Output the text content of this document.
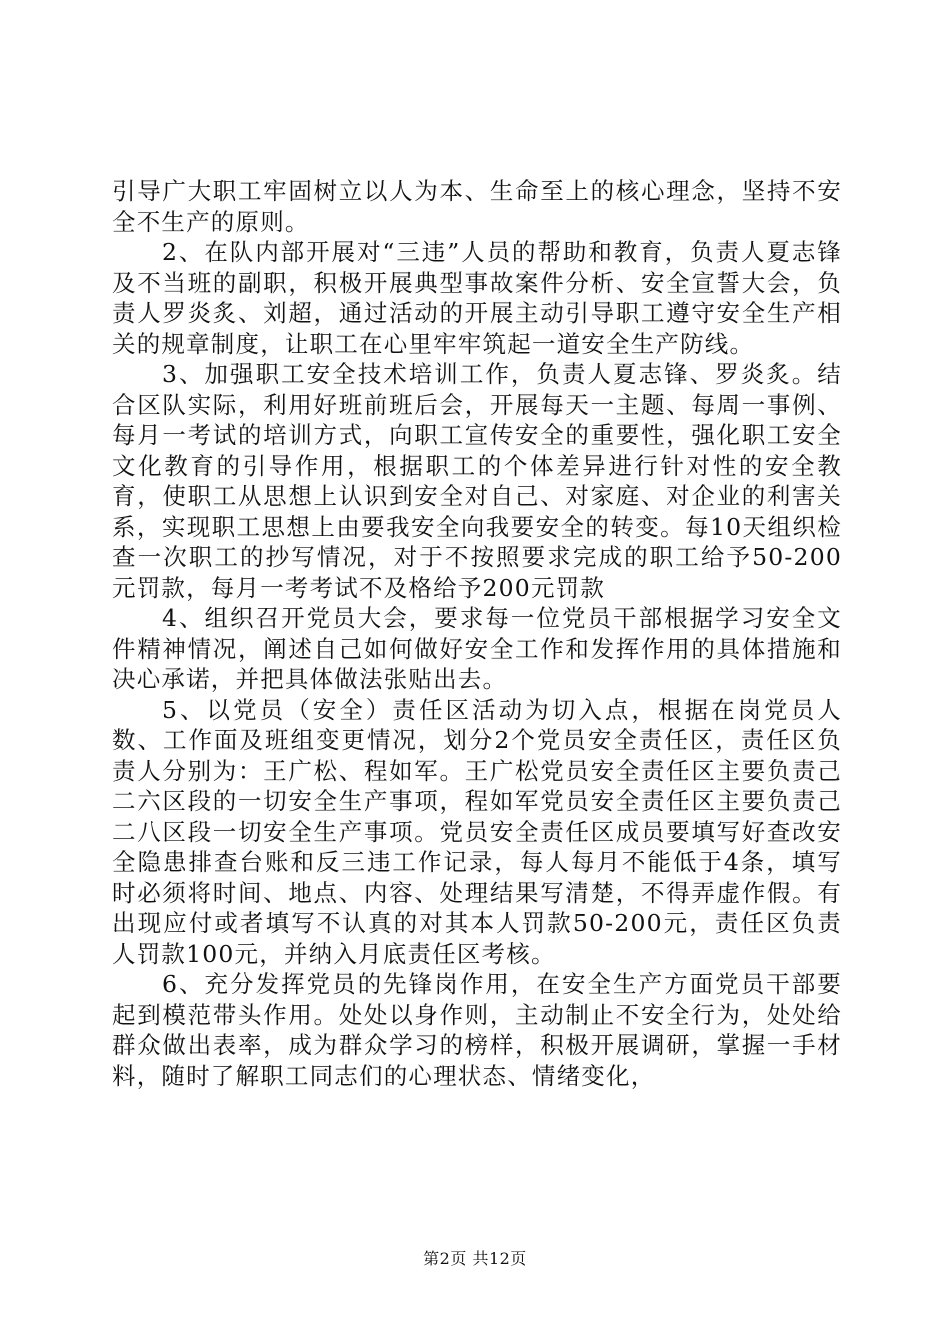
引导广大职工牢固树立以人为本、生命至上的核心理念，坚持不安全不生产的原则。

2、在队内部开展对“三违”人员的帮助和教育，负责人夏志锋及不当班的副职，积极开展典型事故案件分析、安全宣誓大会，负责人罗炎炙、刘超，通过活动的开展主动引导职工遵守安全生产相关的规章制度，让职工在心里牢牢筑起一道安全生产防线。

3、加强职工安全技术培训工作，负责人夏志锋、罗炎炙。结合区队实际，利用好班前班后会，开展每天一主题、每周一事例、每月一考试的培训方式，向职工宣传安全的重要性，强化职工安全文化教育的引导作用，根据职工的个体差异进行针对性的安全教育，使职工从思想上认识到安全对自己、对家庭、对企业的利害关系，实现职工思想上由要我安全向我要安全的转变。每10天组织检查一次职工的抄写情况，对于不按照要求完成的职工给予50-200元罚款，每月一考考试不及格给予200元罚款

4、组织召开党员大会，要求每一位党员干部根据学习安全文件精神情况，阐述自己如何做好安全工作和发挥作用的具体措施和决心承诺，并把具体做法张贴出去。

5、以党员（安全）责任区活动为切入点，根据在岗党员人数、工作面及班组变更情况，划分2个党员安全责任区，责任区负责人分别为：王广松、程如军。王广松党员安全责任区主要负责己二六区段的一切安全生产事项，程如军党员安全责任区主要负责己二八区段一切安全生产事项。党员安全责任区成员要填写好查改安全隐患排查台账和反三违工作记录，每人每月不能低于4条，填写时必须将时间、地点、内容、处理结果写清楚，不得弄虚作假。有出现应付或者填写不认真的对其本人罚款50-200元，责任区负责人罚款100元，并纳入月底责任区考核。

6、充分发挥党员的先锋岗作用，在安全生产方面党员干部要起到模范带头作用。处处以身作则，主动制止不安全行为，处处给群众做出表率，成为群众学习的榜样，积极开展调研，掌握一手材料，随时了解职工同志们的心理状态、情绪变化，

第2页 共12页
